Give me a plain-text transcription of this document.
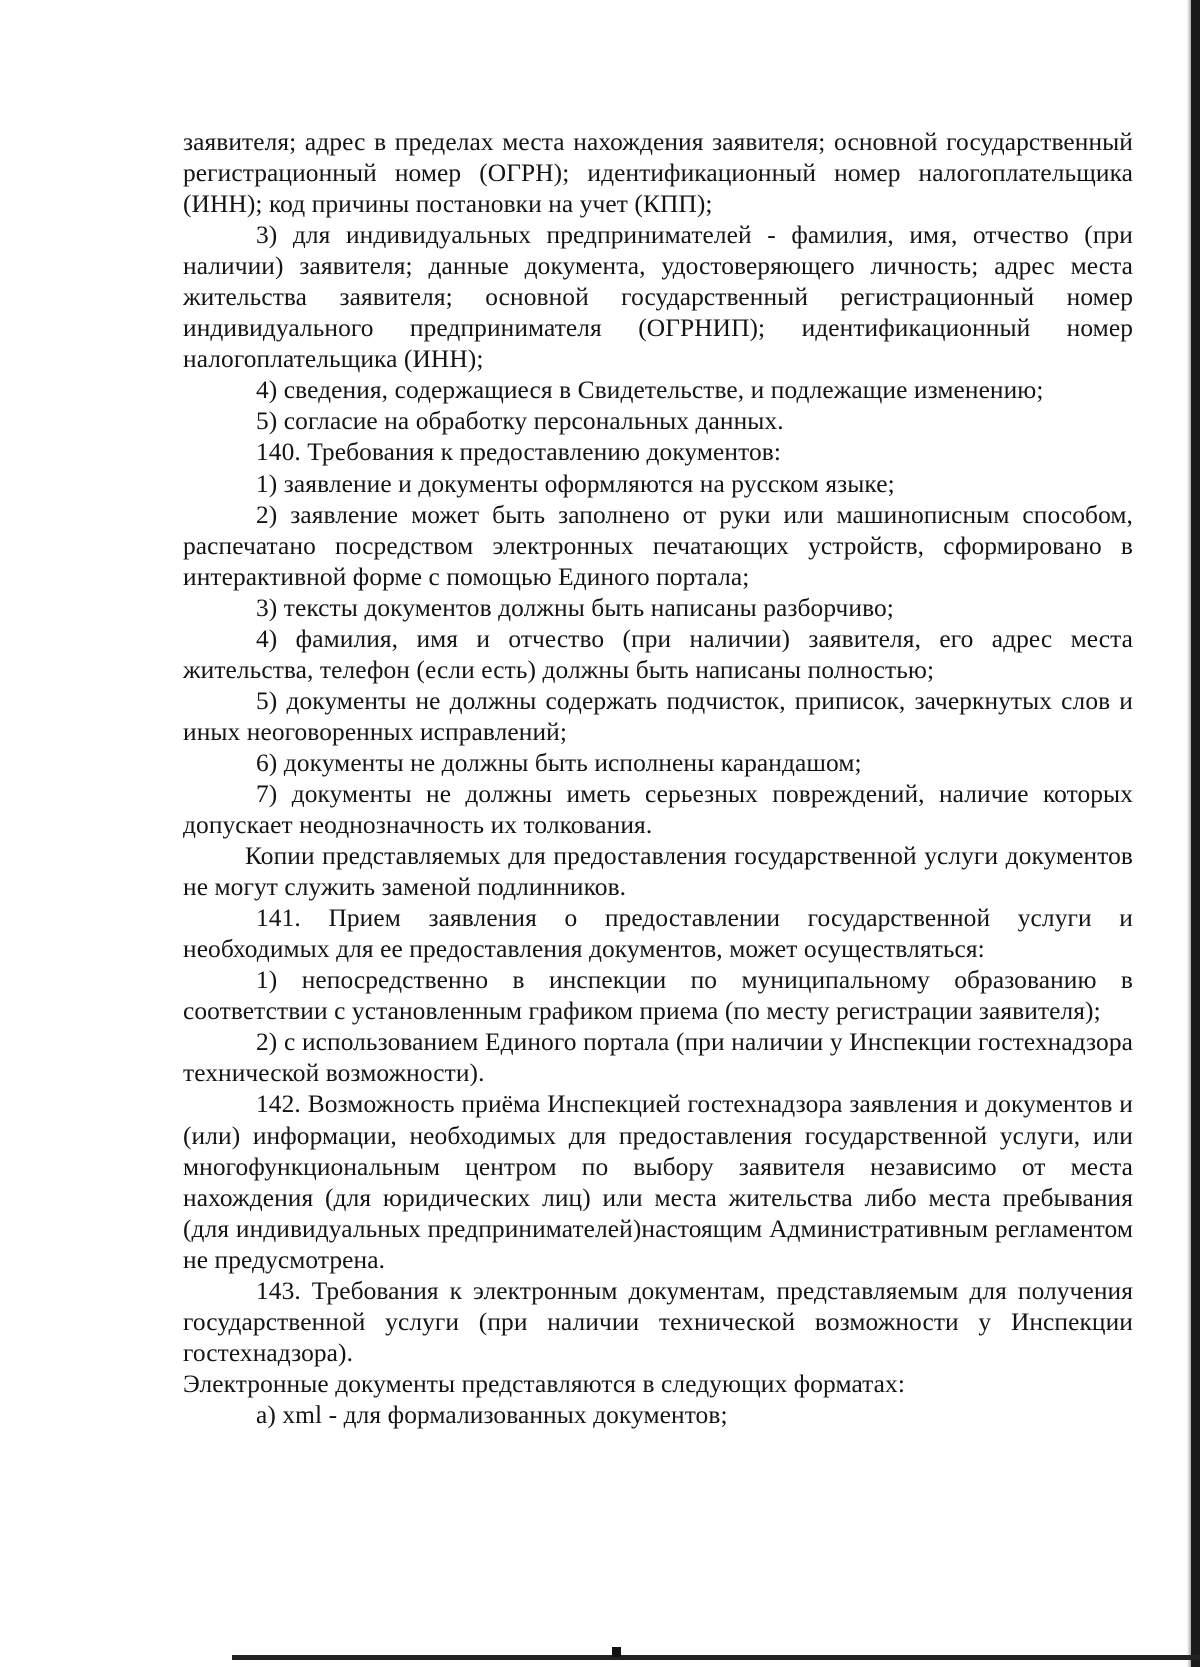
заявителя; адрес в пределах места нахождения заявителя; основной государственный регистрационный номер (ОГРН); идентификационный номер налогоплательщика (ИНН); код причины постановки на учет (КПП);

3) для индивидуальных предпринимателей - фамилия, имя, отчество (при наличии) заявителя; данные документа, удостоверяющего личность; адрес места жительства заявителя; основной государственный регистрационный номер индивидуального предпринимателя (ОГРНИП); идентификационный номер налогоплательщика (ИНН);

4) сведения, содержащиеся в Свидетельстве, и подлежащие изменению;

5) согласие на обработку персональных данных.

140. Требования к предоставлению документов:

1) заявление и документы оформляются на русском языке;

2) заявление может быть заполнено от руки или машинописным способом, распечатано посредством электронных печатающих устройств, сформировано в интерактивной форме с помощью Единого портала;

3) тексты документов должны быть написаны разборчиво;

4) фамилия, имя и отчество (при наличии) заявителя, его адрес места жительства, телефон (если есть) должны быть написаны полностью;

5) документы не должны содержать подчисток, приписок, зачеркнутых слов и иных неоговоренных исправлений;

6) документы не должны быть исполнены карандашом;

7) документы не должны иметь серьезных повреждений, наличие которых допускает неоднозначность их толкования.

Копии представляемых для предоставления государственной услуги документов не могут служить заменой подлинников.

141. Прием заявления о предоставлении государственной услуги и необходимых для ее предоставления документов, может осуществляться:

1) непосредственно в инспекции по муниципальному образованию в соответствии с установленным графиком приема (по месту регистрации заявителя);

2) с использованием Единого портала (при наличии у Инспекции гостехнадзора технической возможности).

142. Возможность приёма Инспекцией гостехнадзора заявления и документов и (или) информации, необходимых для предоставления государственной услуги, или многофункциональным центром по выбору заявителя независимо от места нахождения (для юридических лиц) или места жительства либо места пребывания (для индивидуальных предпринимателей)настоящим Административным регламентом не предусмотрена.

143. Требования к электронным документам, представляемым для получения государственной услуги (при наличии технической возможности у Инспекции гостехнадзора).

Электронные документы представляются в следующих форматах:

а) xml - для формализованных документов;
